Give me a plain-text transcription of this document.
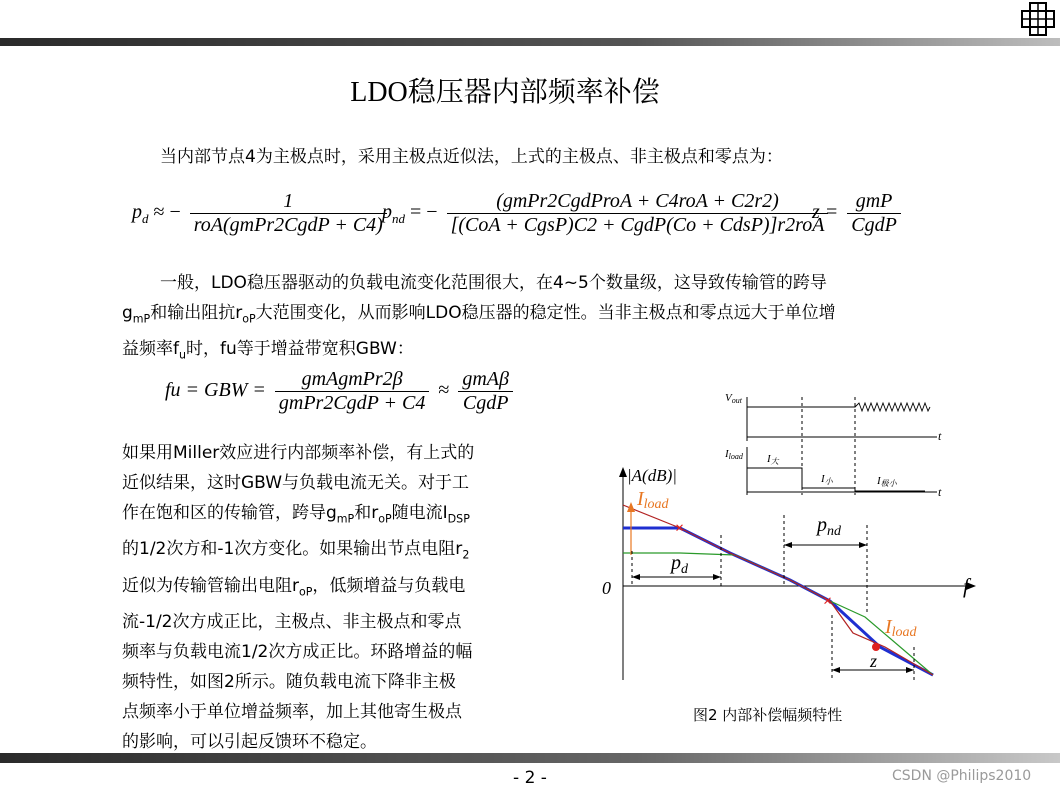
LDO稳压器内部频率补偿
当内部节点4为主极点时，采用主极点近似法，上式的主极点、非主极点和零点为：
$p_d$ ≈ − $\frac{1}{\text{roA(gmPr2CgdP + C4)}}$
$p_{nd}$ = − $\frac{\text{(gmPr2CgdProA + C4roA + C2r2)}}{\text{[(CoA + CgsP)C2 + CgdP(Co + CdsP)]r2roA}}$
$z = \frac{\text{gmP}}{\text{CgdP}}$
一般，LDO稳压器驱动的负载电流变化范围很大，在4~5个数量级，这导致传输管的跨导
$g_{mP}$和输出阻抗$r_{oP}$大范围变化，从而影响LDO稳压器的稳定性。当非主极点和零点远大于单位增
益频率$f_u$时，fu等于增益带宽积GBW：
fu = GBW = $\frac{\text{gmAgmPr2β}}{\text{gmPr2CgdP + C4}} \approx \frac{\text{gmAβ}}{\text{CgdP}}$
如果用Miller效应进行内部频率补偿，有上式的
近似结果，这时GBW与负载电流无关。对于工
作在饱和区的传输管，跨导$g_{mP}$和$r_{oP}$随电流$I_{DSP}$
的1/2次方和-1次方变化。如果输出节点电阻$r_2$
近似为传输管输出电阻$r_{oP}$，低频增益与负载电
流-1/2次方成正比，主极点、非主极点和零点
频率与负载电流1/2次方成正比。环路增益的幅
频特性，如图2所示。随负载电流下降非主极
点频率小于单位增益频率，加上其他寄生极点
的影响，可以引起反馈环不稳定。
Vout
Iload
t
t
I大
I小	I极小
|A(dB)|
f
0
×
×
Iload
Iload
$p_d$
$p_{nd}$
z
图2 内部补偿幅频特性
- 2 -	CSDN @Philips2010
